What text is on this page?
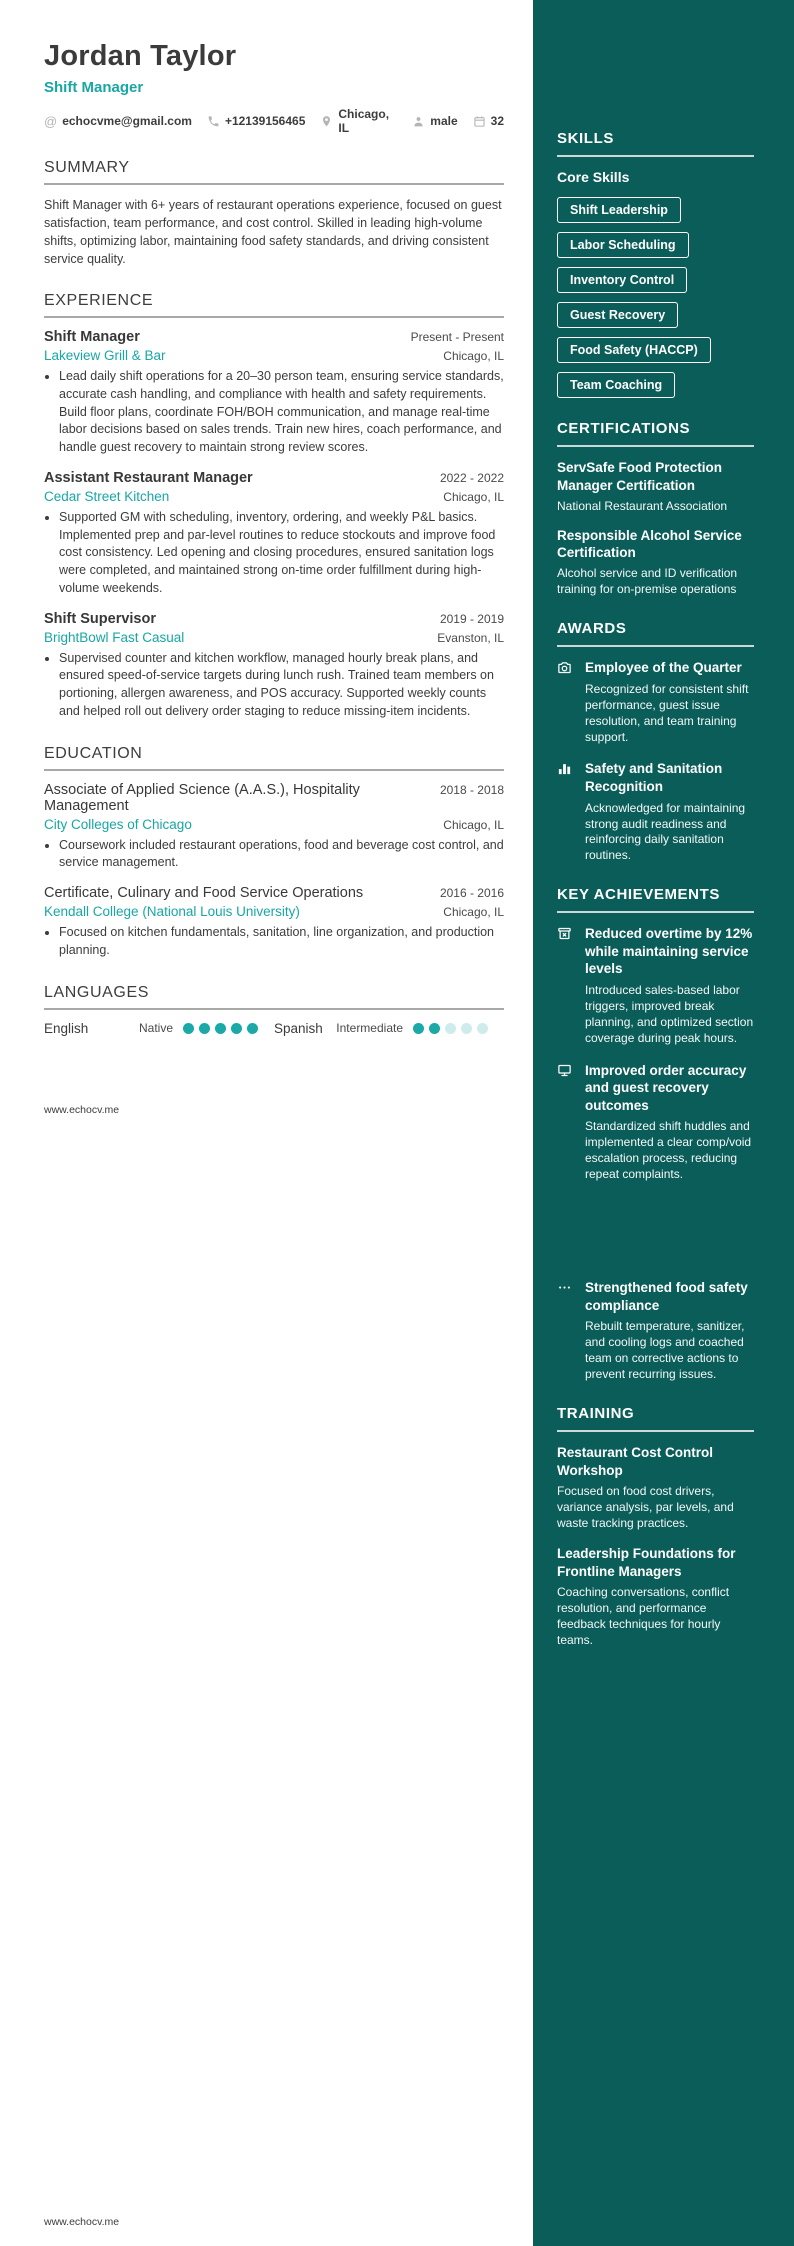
SKILLS
Core Skills
Shift Leadership
Labor Scheduling
Inventory Control
Guest Recovery
Food Safety (HACCP)
Team Coaching
CERTIFICATIONS
ServSafe Food Protection Manager Certification
National Restaurant Association
Responsible Alcohol Service Certification
Alcohol service and ID verification training for on-premise operations
AWARDS
Employee of the Quarter
Recognized for consistent shift performance, guest issue resolution, and team training support.
Safety and Sanitation Recognition
Acknowledged for maintaining strong audit readiness and reinforcing daily sanitation routines.
KEY ACHIEVEMENTS
Reduced overtime by 12% while maintaining service levels
Introduced sales-based labor triggers, improved break planning, and optimized section coverage during peak hours.
Improved order accuracy and guest recovery outcomes
Standardized shift huddles and implemented a clear comp/void escalation process, reducing repeat complaints.
Strengthened food safety compliance
Rebuilt temperature, sanitizer, and cooling logs and coached team on corrective actions to prevent recurring issues.
TRAINING
Restaurant Cost Control Workshop
Focused on food cost drivers, variance analysis, par levels, and waste tracking practices.
Leadership Foundations for Frontline Managers
Coaching conversations, conflict resolution, and performance feedback techniques for hourly teams.
Jordan Taylor
Shift Manager
@ echocvme@gmail.com	+12139156465	Chicago, IL	male	32
SUMMARY

Shift Manager with 6+ years of restaurant operations experience, focused on guest satisfaction, team performance, and cost control. Skilled in leading high-volume shifts, optimizing labor, maintaining food safety standards, and driving consistent service quality.

EXPERIENCE
Shift Manager	Present - Present
Lakeview Grill & Bar	Chicago, IL
• Lead daily shift operations for a 20–30 person team, ensuring service standards, accurate cash handling, and compliance with health and safety requirements. Build floor plans, coordinate FOH/BOH communication, and manage real-time labor decisions based on sales trends. Train new hires, coach performance, and handle guest recovery to maintain strong review scores.
Assistant Restaurant Manager	2022 - 2022
Cedar Street Kitchen	Chicago, IL
• Supported GM with scheduling, inventory, ordering, and weekly P&L basics. Implemented prep and par-level routines to reduce stockouts and improve food cost consistency. Led opening and closing procedures, ensured sanitation logs were completed, and maintained strong on-time order fulfillment during high-volume weekends.
Shift Supervisor	2019 - 2019
BrightBowl Fast Casual	Evanston, IL
• Supervised counter and kitchen workflow, managed hourly break plans, and ensured speed-of-service targets during lunch rush. Trained team members on portioning, allergen awareness, and POS accuracy. Supported weekly counts and helped roll out delivery order staging to reduce missing-item incidents.
EDUCATION
Associate of Applied Science (A.A.S.), Hospitality Management
2018 - 2018
City Colleges of Chicago	Chicago, IL
• Coursework included restaurant operations, food and beverage cost control, and service management.
Certificate, Culinary and Food Service Operations	2016 - 2016
Kendall College (National Louis University)	Chicago, IL
• Focused on kitchen fundamentals, sanitation, line organization, and production planning.
LANGUAGES
English	Native	Spanish	Intermediate
www.echocv.me
www.echocv.me
